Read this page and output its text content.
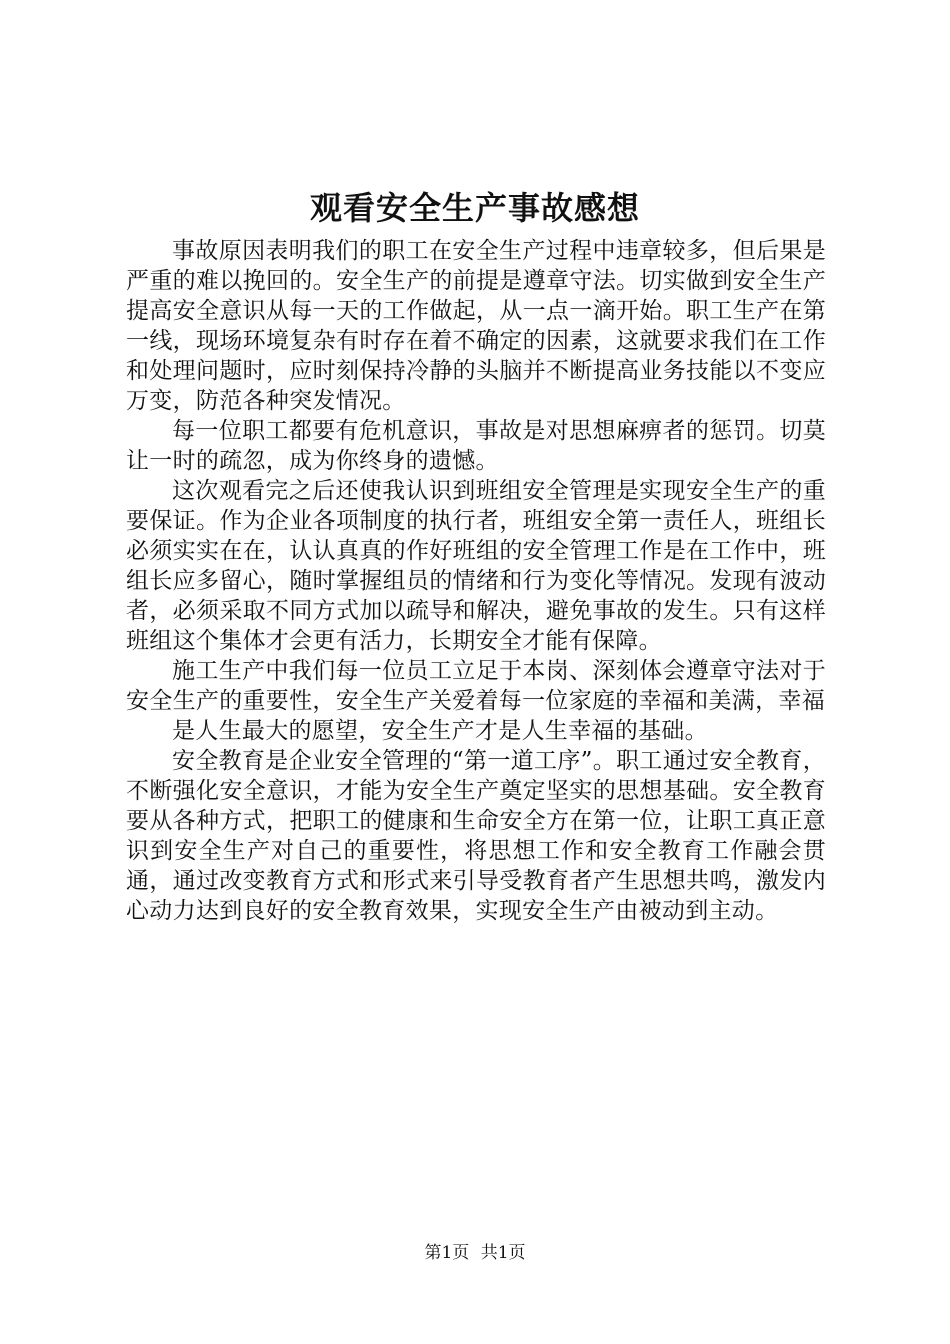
观看安全生产事故感想

事故原因表明我们的职工在安全生产过程中违章较多，但后果是严重的难以挽回的。安全生产的前提是遵章守法。切实做到安全生产提高安全意识从每一天的工作做起，从一点一滴开始。职工生产在第一线，现场环境复杂有时存在着不确定的因素，这就要求我们在工作和处理问题时，应时刻保持冷静的头脑并不断提高业务技能以不变应万变，防范各种突发情况。

每一位职工都要有危机意识，事故是对思想麻痹者的惩罚。切莫让一时的疏忽，成为你终身的遗憾。

这次观看完之后还使我认识到班组安全管理是实现安全生产的重要保证。作为企业各项制度的执行者，班组安全第一责任人，班组长必须实实在在，认认真真的作好班组的安全管理工作是在工作中，班组长应多留心，随时掌握组员的情绪和行为变化等情况。发现有波动者，必须采取不同方式加以疏导和解决，避免事故的发生。只有这样班组这个集体才会更有活力，长期安全才能有保障。

施工生产中我们每一位员工立足于本岗、深刻体会遵章守法对于安全生产的重要性，安全生产关爱着每一位家庭的幸福和美满，幸福

是人生最大的愿望，安全生产才是人生幸福的基础。

安全教育是企业安全管理的“第一道工序”。职工通过安全教育，不断强化安全意识，才能为安全生产奠定坚实的思想基础。安全教育要从各种方式，把职工的健康和生命安全方在第一位，让职工真正意识到安全生产对自己的重要性，将思想工作和安全教育工作融会贯通，通过改变教育方式和形式来引导受教育者产生思想共鸣，激发内心动力达到良好的安全教育效果，实现安全生产由被动到主动。

第1页 共1页
